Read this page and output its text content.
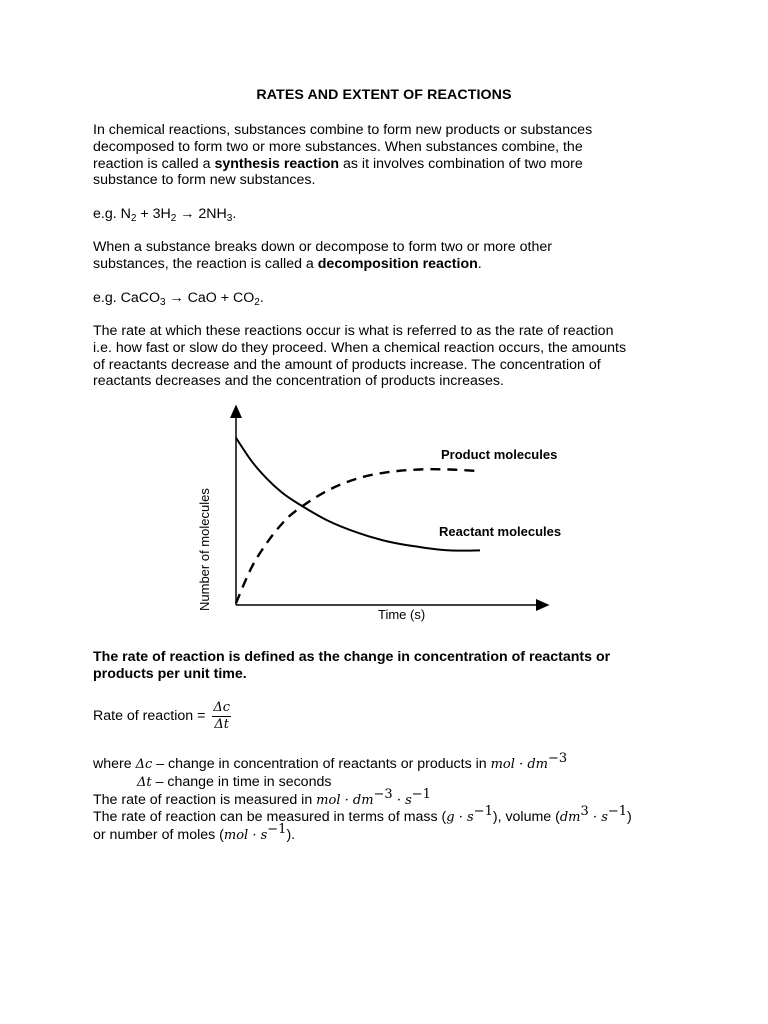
RATES AND EXTENT OF REACTIONS
In chemical reactions, substances combine to form new products or substances
decomposed to form two or more substances. When substances combine, the
reaction is called a synthesis reaction as it involves combination of two more
substance to form new substances.
e.g. $N_2 + 3H_2 \to 2NH_3$.
When a substance breaks down or decompose to form two or more other
substances, the reaction is called a decomposition reaction.
e.g. CaCO$_3$ → CaO + $CO_2$.
The rate at which these reactions occur is what is referred to as the rate of reaction
i.e. how fast or slow do they proceed. When a chemical reaction occurs, the amounts
of reactants decrease and the amount of products increase. The concentration of
reactants decreases and the concentration of products increases.
Product molecules
Reactant molecules
Time (s)
Number of molecules
The rate of reaction is defined as the change in concentration of reactants or
products per unit time.
Rate of reaction = $\frac{\Delta c}{\Delta t}$
where Δc – change in concentration of reactants or products in mol · $dm^{-3}$
Δt – change in time in seconds
The rate of reaction is measured in mol · $dm^{-3} \cdot s^{-1}$
The rate of reaction can be measured in terms of mass $(g \cdot s^{-1})$, volume $(dm^3 \cdot s^{-1})$
or number of moles $(mol \cdot s^{-1})$.
